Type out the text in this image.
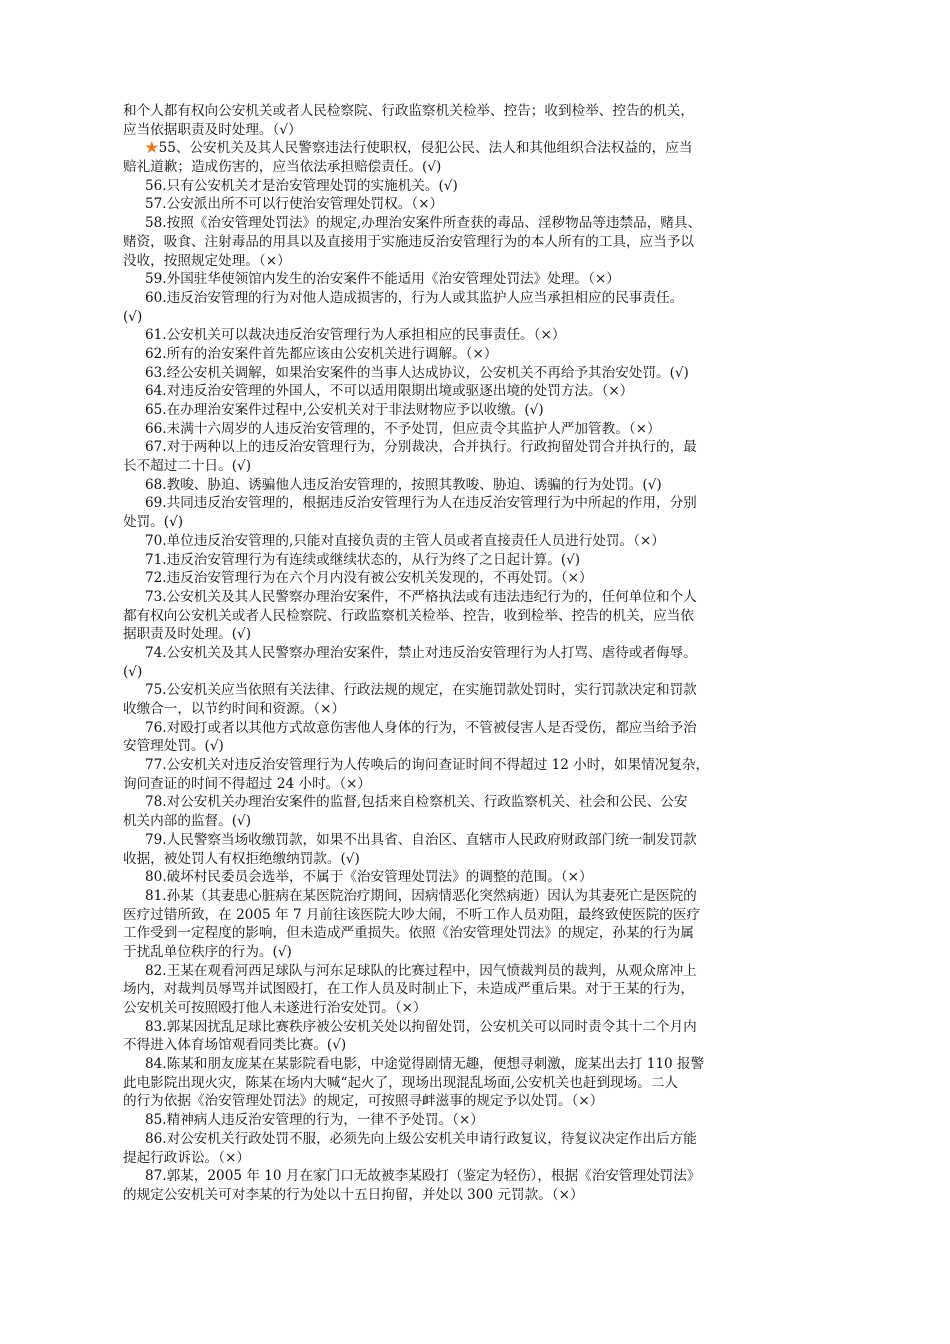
和个人都有权向公安机关或者人民检察院、行政监察机关检举、控告；收到检举、控告的机关，
应当依据职责及时处理。（√）
★55、公安机关及其人民警察违法行使职权，侵犯公民、法人和其他组织合法权益的，应当
赔礼道歉；造成伤害的，应当依法承担赔偿责任。(√)
56.只有公安机关才是治安管理处罚的实施机关。(√)
57.公安派出所不可以行使治安管理处罚权。（×）
58.按照《治安管理处罚法》的规定,办理治安案件所查获的毒品、淫秽物品等违禁品，赌具、
赌资，吸食、注射毒品的用具以及直接用于实施违反治安管理行为的本人所有的工具，应当予以
没收，按照规定处理。（×）
59.外国驻华使领馆内发生的治安案件不能适用《治安管理处罚法》处理。（×）
60.违反治安管理的行为对他人造成损害的，行为人或其监护人应当承担相应的民事责任。
(√)
61.公安机关可以裁决违反治安管理行为人承担相应的民事责任。（×）
62.所有的治安案件首先都应该由公安机关进行调解。（×）
63.经公安机关调解，如果治安案件的当事人达成协议，公安机关不再给予其治安处罚。(√)
64.对违反治安管理的外国人，不可以适用限期出境或驱逐出境的处罚方法。（×）
65.在办理治安案件过程中,公安机关对于非法财物应予以收缴。(√)
66.未满十六周岁的人违反治安管理的，不予处罚，但应责令其监护人严加管教。（×）
67.对于两种以上的违反治安管理行为，分别裁决，合并执行。行政拘留处罚合并执行的，最
长不超过二十日。(√)
68.教唆、胁迫、诱骗他人违反治安管理的，按照其教唆、胁迫、诱骗的行为处罚。(√)
69.共同违反治安管理的，根据违反治安管理行为人在违反治安管理行为中所起的作用，分别
处罚。(√)
70.单位违反治安管理的,只能对直接负责的主管人员或者直接责任人员进行处罚。（×）
71.违反治安管理行为有连续或继续状态的，从行为终了之日起计算。(√)
72.违反治安管理行为在六个月内没有被公安机关发现的，不再处罚。（×）
73.公安机关及其人民警察办理治安案件，不严格执法或有违法违纪行为的，任何单位和个人
都有权向公安机关或者人民检察院、行政监察机关检举、控告，收到检举、控告的机关，应当依
据职责及时处理。(√)
74.公安机关及其人民警察办理治安案件，禁止对违反治安管理行为人打骂、虐待或者侮辱。
(√)
75.公安机关应当依照有关法律、行政法规的规定，在实施罚款处罚时，实行罚款决定和罚款
收缴合一，以节约时间和资源。（×）
76.对殴打或者以其他方式故意伤害他人身体的行为，不管被侵害人是否受伤，都应当给予治
安管理处罚。(√)
77.公安机关对违反治安管理行为人传唤后的询问查证时间不得超过 12 小时，如果情况复杂，
询问查证的时间不得超过 24 小时。（×）
78.对公安机关办理治安案件的监督,包括来自检察机关、行政监察机关、社会和公民、公安
机关内部的监督。(√)
79.人民警察当场收缴罚款，如果不出具省、自治区、直辖市人民政府财政部门统一制发罚款
收据，被处罚人有权拒绝缴纳罚款。(√)
80.破坏村民委员会选举，不属于《治安管理处罚法》的调整的范围。（×）
81.孙某（其妻患心脏病在某医院治疗期间，因病情恶化突然病逝）因认为其妻死亡是医院的
医疗过错所致，在 2005 年 7 月前往该医院大吵大闹，不听工作人员劝阻，最终致使医院的医疗
工作受到一定程度的影响，但未造成严重损失。依照《治安管理处罚法》的规定，孙某的行为属
于扰乱单位秩序的行为。(√)
82.王某在观看河西足球队与河东足球队的比赛过程中，因气愤裁判员的裁判，从观众席冲上
场内，对裁判员辱骂并试图殴打，在工作人员及时制止下，未造成严重后果。对于王某的行为，
公安机关可按照殴打他人未遂进行治安处罚。（×）
83.郭某因扰乱足球比赛秩序被公安机关处以拘留处罚，公安机关可以同时责令其十二个月内
不得进入体育场馆观看同类比赛。(√)
84.陈某和朋友庞某在某影院看电影，中途觉得剧情无趣，便想寻刺激，庞某出去打 110 报警
此电影院出现火灾，陈某在场内大喊“起火了，现场出现混乱场面,公安机关也赶到现场。二人
的行为依据《治安管理处罚法》的规定，可按照寻衅滋事的规定予以处罚。（×）
85.精神病人违反治安管理的行为，一律不予处罚。（×）
86.对公安机关行政处罚不服，必须先向上级公安机关申请行政复议，待复议决定作出后方能
提起行政诉讼。（×）
87.郭某，2005 年 10 月在家门口无故被李某殴打（鉴定为轻伤），根据《治安管理处罚法》
的规定公安机关可对李某的行为处以十五日拘留，并处以 300 元罚款。（×）
